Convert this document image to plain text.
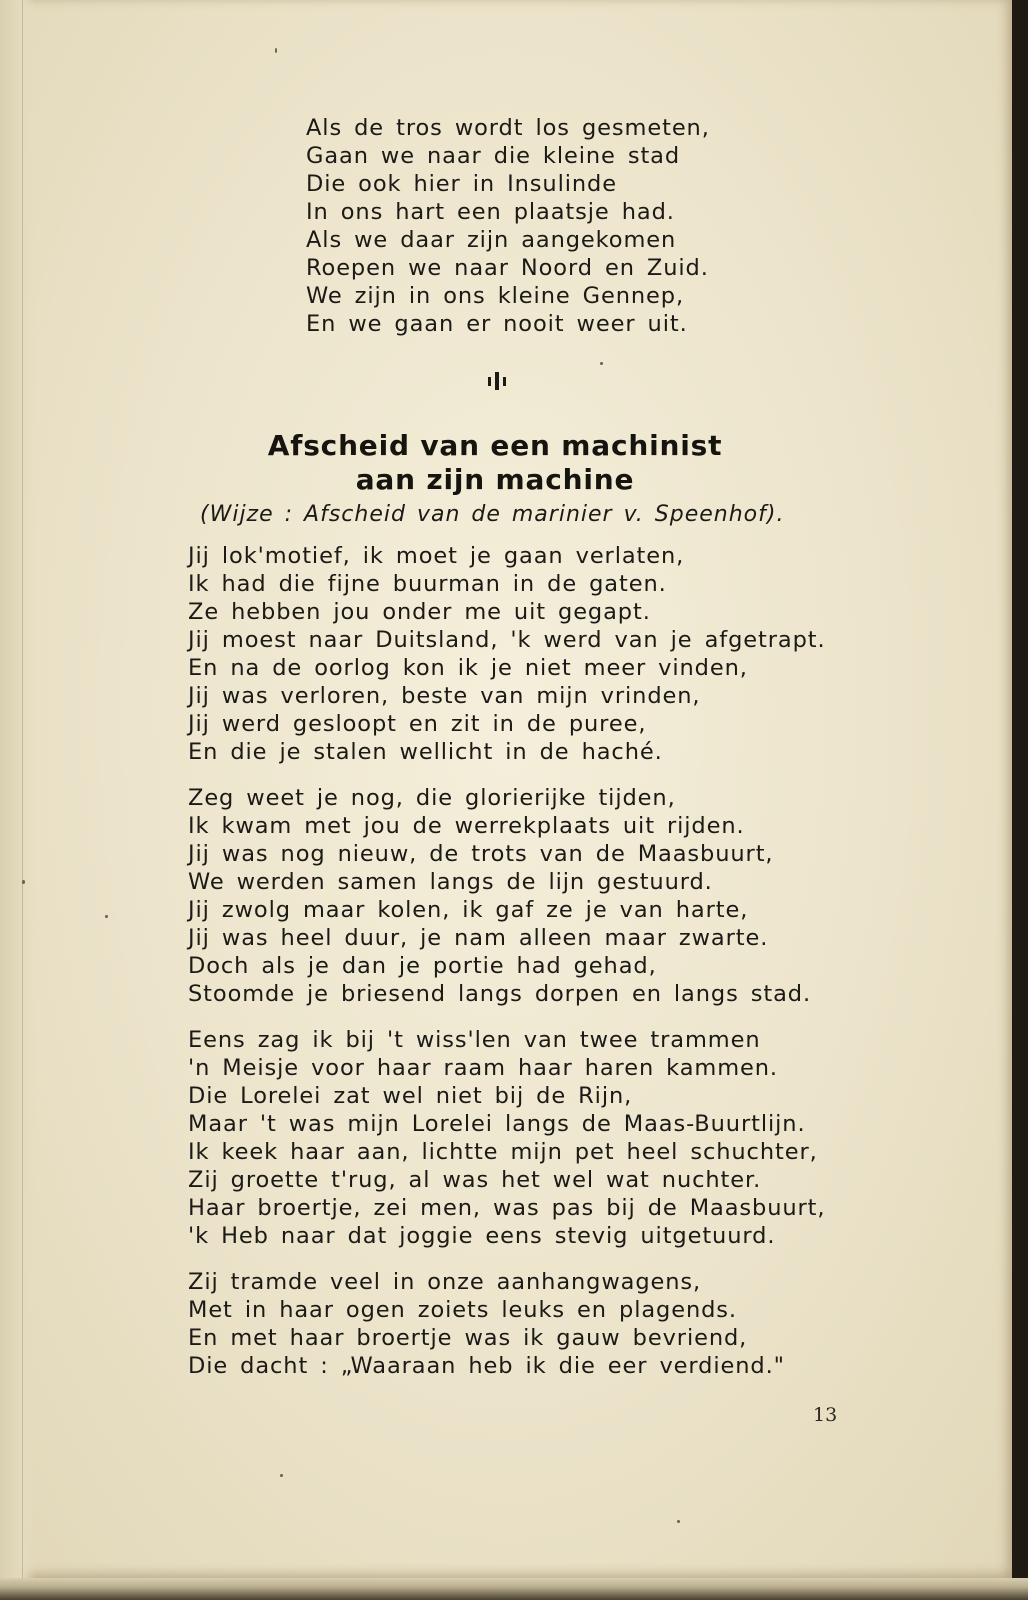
Als de tros wordt los gesmeten,
Gaan we naar die kleine stad
Die ook hier in Insulinde
In ons hart een plaatsje had.
Als we daar zijn aangekomen
Roepen we naar Noord en Zuid.
We zijn in ons kleine Gennep,
En we gaan er nooit weer uit.
Afscheid van een machinist
aan zijn machine
(Wijze : Afscheid van de marinier v. Speenhof).
Jij lok'motief, ik moet je gaan verlaten,
Ik had die fijne buurman in de gaten.
Ze hebben jou onder me uit gegapt.
Jij moest naar Duitsland, 'k werd van je afgetrapt.
En na de oorlog kon ik je niet meer vinden,
Jij was verloren, beste van mijn vrinden,
Jij werd gesloopt en zit in de puree,
En die je stalen wellicht in de haché.
Zeg weet je nog, die glorierijke tijden,
Ik kwam met jou de werrekplaats uit rijden.
Jij was nog nieuw, de trots van de Maasbuurt,
We werden samen langs de lijn gestuurd.
Jij zwolg maar kolen, ik gaf ze je van harte,
Jij was heel duur, je nam alleen maar zwarte.
Doch als je dan je portie had gehad,
Stoomde je briesend langs dorpen en langs stad.
Eens zag ik bij 't wiss'len van twee trammen
'n Meisje voor haar raam haar haren kammen.
Die Lorelei zat wel niet bij de Rijn,
Maar 't was mijn Lorelei langs de Maas-Buurtlijn.
Ik keek haar aan, lichtte mijn pet heel schuchter,
Zij groette t'rug, al was het wel wat nuchter.
Haar broertje, zei men, was pas bij de Maasbuurt,
'k Heb naar dat joggie eens stevig uitgetuurd.
Zij tramde veel in onze aanhangwagens,
Met in haar ogen zoiets leuks en plagends.
En met haar broertje was ik gauw bevriend,
Die dacht : „Waaraan heb ik die eer verdiend."
13
